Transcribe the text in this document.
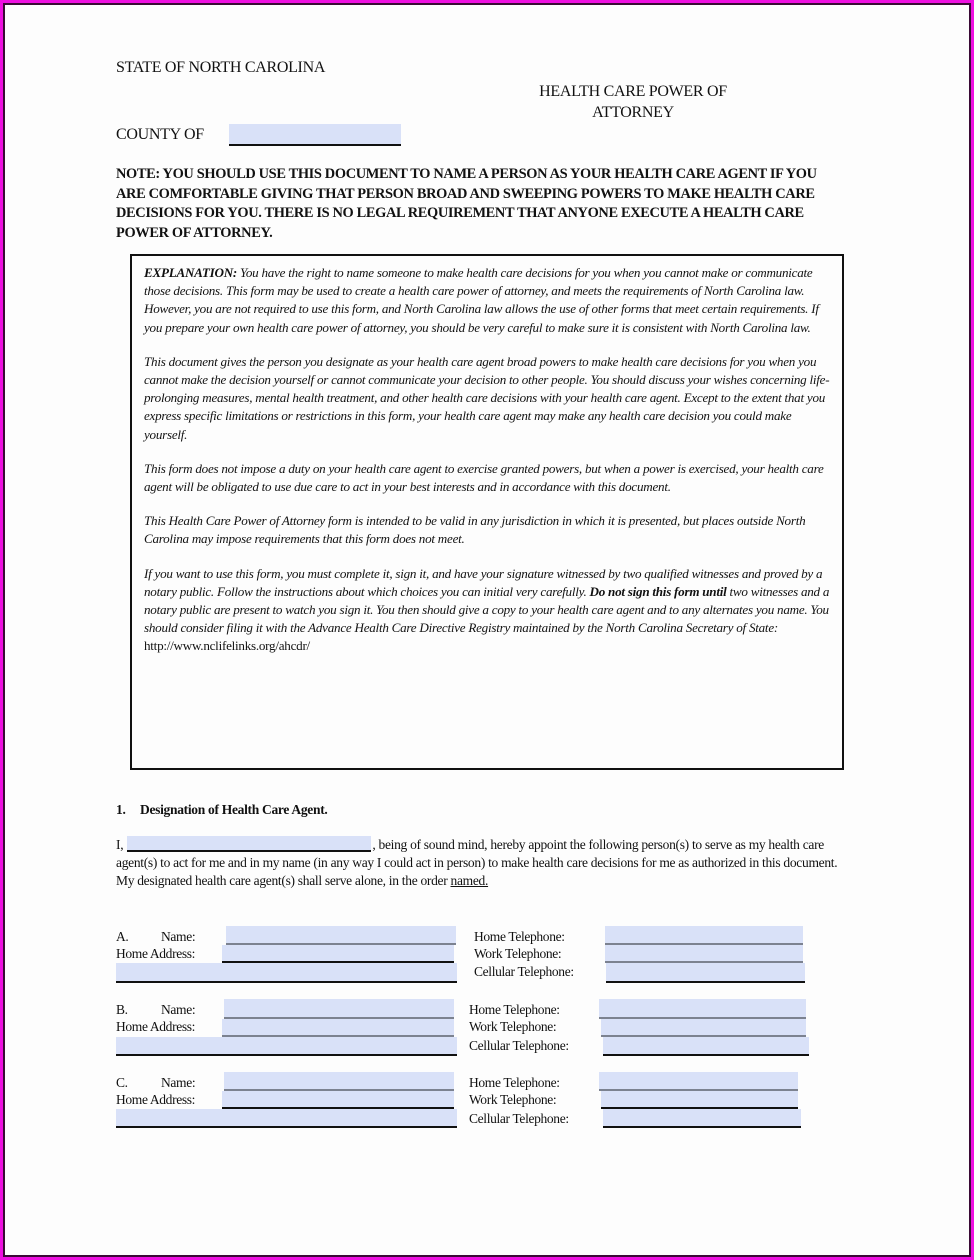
STATE OF NORTH CAROLINA
HEALTH CARE POWER OF
ATTORNEY
COUNTY OF
NOTE: YOU SHOULD USE THIS DOCUMENT TO NAME A PERSON AS YOUR HEALTH CARE AGENT IF YOU ARE COMFORTABLE GIVING THAT PERSON BROAD AND SWEEPING POWERS TO MAKE HEALTH CARE DECISIONS FOR YOU. THERE IS NO LEGAL REQUIREMENT THAT ANYONE EXECUTE A HEALTH CARE POWER OF ATTORNEY.

EXPLANATION: You have the right to name someone to make health care decisions for you when you cannot make or communicate those decisions. This form may be used to create a health care power of attorney, and meets the requirements of North Carolina law. However, you are not required to use this form, and North Carolina law allows the use of other forms that meet certain requirements. If you prepare your own health care power of attorney, you should be very careful to make sure it is consistent with North Carolina law.

This document gives the person you designate as your health care agent broad powers to make health care decisions for you when you cannot make the decision yourself or cannot communicate your decision to other people. You should discuss your wishes concerning life-prolonging measures, mental health treatment, and other health care decisions with your health care agent. Except to the extent that you express specific limitations or restrictions in this form, your health care agent may make any health care decision you could make yourself.

This form does not impose a duty on your health care agent to exercise granted powers, but when a power is exercised, your health care agent will be obligated to use due care to act in your best interests and in accordance with this document.

This Health Care Power of Attorney form is intended to be valid in any jurisdiction in which it is presented, but places outside North Carolina may impose requirements that this form does not meet.

If you want to use this form, you must complete it, sign it, and have your signature witnessed by two qualified witnesses and proved by a notary public. Follow the instructions about which choices you can initial very carefully. Do not sign this form until two witnesses and a notary public are present to watch you sign it. You then should give a copy to your health care agent and to any alternates you name. You should consider filing it with the Advance Health Care Directive Registry maintained by the North Carolina Secretary of State: http://www.nclifelinks.org/ahcdr/

1. Designation of Health Care Agent.
I,	, being of sound mind, hereby appoint the following person(s) to serve as my health care agent(s) to act for me and in my name (in any way I could act in person) to make health care decisions for me as authorized in this document. My designated health care agent(s) shall serve alone, in the order named.
A. Name:
Home Address:
Home Telephone:
Work Telephone:
Cellular Telephone:
B. Name:
Home Address:
Home Telephone:
Work Telephone:
Cellular Telephone:
C. Name:
Home Address:
Home Telephone:
Work Telephone:
Cellular Telephone:
